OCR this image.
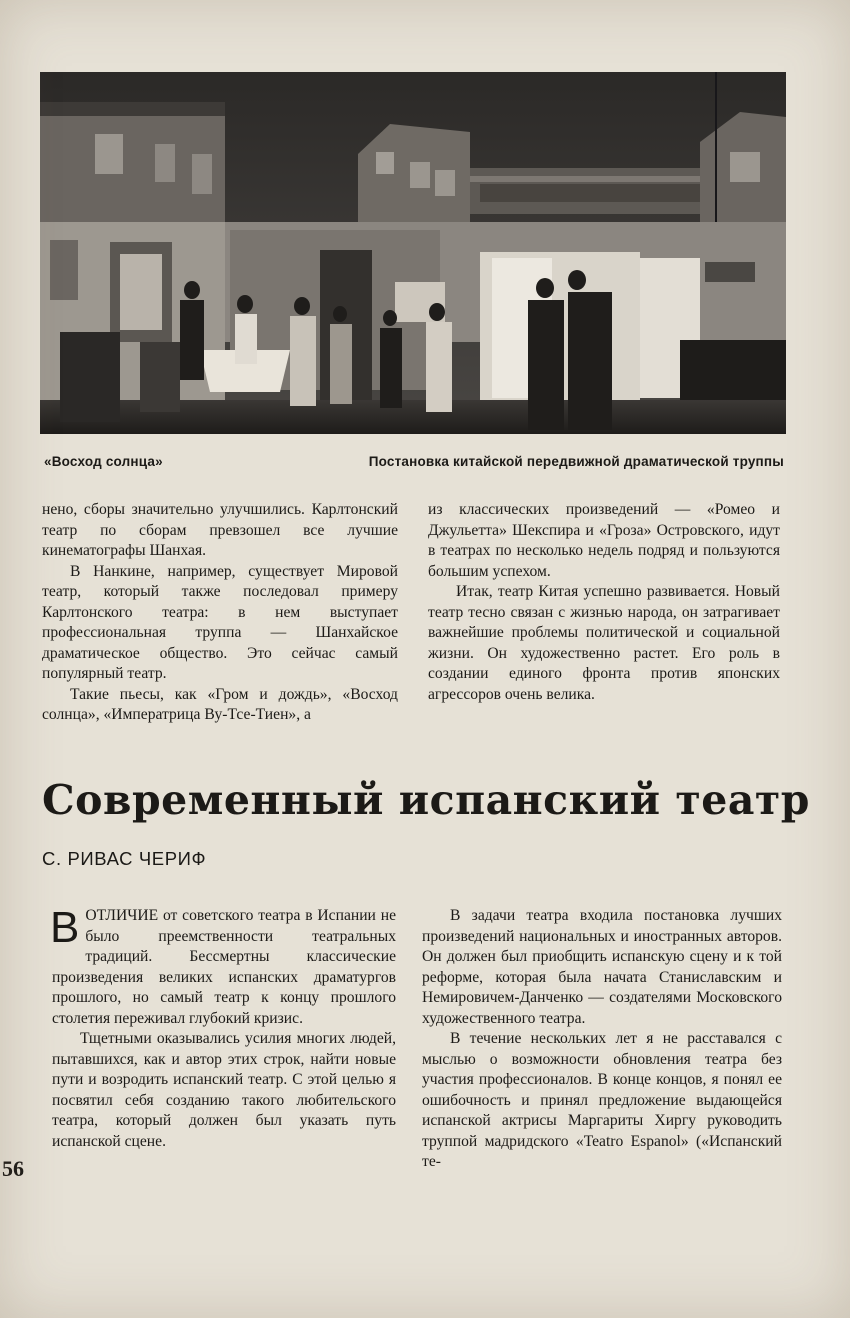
«Восход солнца»	Постановка китайской передвижной драматической труппы

нено, сборы значительно улучшились. Карлтонский театр по сборам превзошел все лучшие кинематографы Шанхая.

В Нанкине, например, существует Мировой театр, который также последовал примеру Карлтонского театра: в нем выступает профессиональная труппа — Шанхайское драматическое общество. Это сейчас самый популярный театр.

Такие пьесы, как «Гром и дождь», «Восход солнца», «Императрица Ву-Тсе-Тиен», а

из классических произведений — «Ромео и Джульетта» Шекспира и «Гроза» Островского, идут в театрах по несколько недель подряд и пользуются большим успехом.

Итак, театр Китая успешно развивается. Новый театр тесно связан с жизнью народа, он затрагивает важнейшие проблемы политической и социальной жизни. Он художественно растет. Его роль в создании единого фронта против японских агрессоров очень велика.

Современный испанский театр
С. РИВАС ЧЕРИФ

ВОТЛИЧИЕ от советского театра в Испании не было преемственности театральных традиций. Бессмертны классические произведения великих испанских драматургов прошлого, но самый театр к концу прошлого столетия переживал глубокий кризис.

Тщетными оказывались усилия многих людей, пытавшихся, как и автор этих строк, найти новые пути и возродить испанский театр. С этой целью я посвятил себя созданию такого любительского театра, который должен был указать путь испанской сцене.

В задачи театра входила постановка лучших произведений национальных и иностранных авторов. Он должен был приобщить испанскую сцену и к той реформе, которая была начата Станиславским и Немировичем-Данченко — создателями Московского художественного театра.

В течение нескольких лет я не расставался с мыслью о возможности обновления театра без участия профессионалов. В конце концов, я понял ее ошибочность и принял предложение выдающейся испанской актрисы Маргариты Хиргу руководить труппой мадридского «Teatro Espanol» («Испанский те-

56
